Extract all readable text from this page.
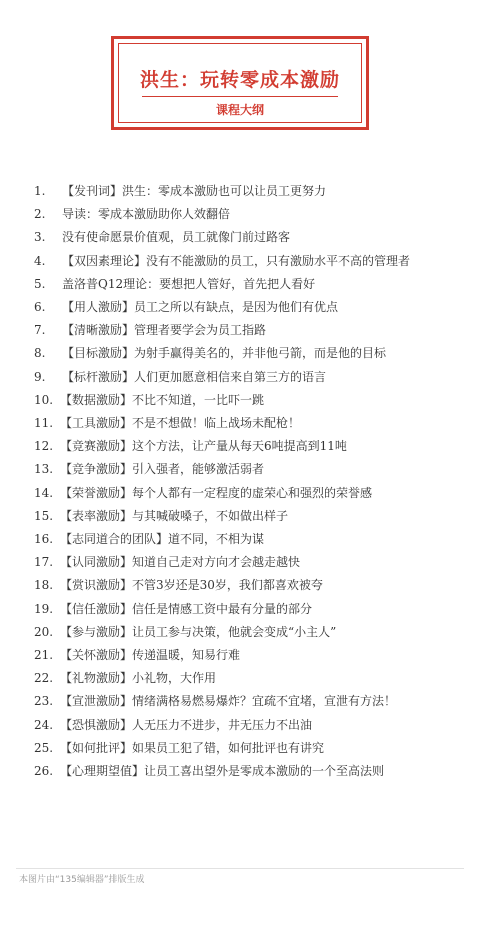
洪生：玩转零成本激励
课程大纲
1. 【发刊词】洪生：零成本激励也可以让员工更努力
2. 导读：零成本激励助你人效翻倍
3. 没有使命愿景价值观，员工就像门前过路客
4. 【双因素理论】没有不能激励的员工，只有激励水平不高的管理者
5. 盖洛普Q12理论：要想把人管好，首先把人看好
6. 【用人激励】员工之所以有缺点，是因为他们有优点
7. 【清晰激励】管理者要学会为员工指路
8. 【目标激励】为射手赢得美名的，并非他弓箭，而是他的目标
9. 【标杆激励】人们更加愿意相信来自第三方的语言
10. 【数据激励】不比不知道，一比吓一跳
11. 【工具激励】不是不想做！临上战场未配枪！
12. 【竞赛激励】这个方法，让产量从每天6吨提高到11吨
13. 【竞争激励】引入强者，能够激活弱者
14. 【荣誉激励】每个人都有一定程度的虚荣心和强烈的荣誉感
15. 【表率激励】与其喊破嗓子，不如做出样子
16. 【志同道合的团队】道不同，不相为谋
17. 【认同激励】知道自己走对方向才会越走越快
18. 【赏识激励】不管3岁还是30岁，我们都喜欢被夸
19. 【信任激励】信任是情感工资中最有分量的部分
20. 【参与激励】让员工参与决策，他就会变成“小主人”
21. 【关怀激励】传递温暖，知易行难
22. 【礼物激励】小礼物，大作用
23. 【宣泄激励】情绪满格易燃易爆炸？宜疏不宜堵，宣泄有方法！
24. 【恐惧激励】人无压力不进步，井无压力不出油
25. 【如何批评】如果员工犯了错，如何批评也有讲究
26. 【心理期望值】让员工喜出望外是零成本激励的一个至高法则
本图片由“135编辑器”排版生成
